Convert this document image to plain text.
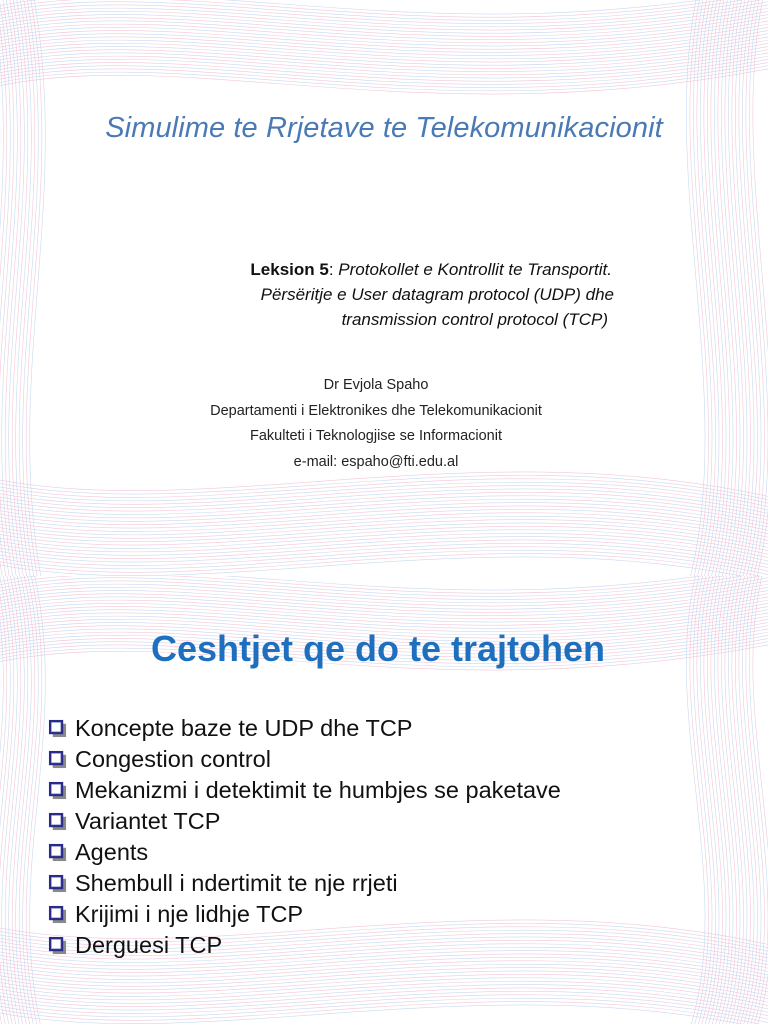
Simulime te Rrjetave te Telekomunikacionit
Leksion 5: Protokollet e Kontrollit te Transportit.
Përsëritje e User datagram protocol (UDP) dhe
transmission control protocol (TCP)
Dr Evjola Spaho
Departamenti i Elektronikes dhe Telekomunikacionit
Fakulteti i Teknologjise se Informacionit
e-mail: espaho@fti.edu.al
Ceshtjet qe do te trajtohen
Koncepte baze te UDP dhe TCP
Congestion control
Mekanizmi i detektimit te humbjes se paketave
Variantet TCP
Agents
Shembull i ndertimit te nje rrjeti
Krijimi i nje lidhje TCP
Derguesi TCP
